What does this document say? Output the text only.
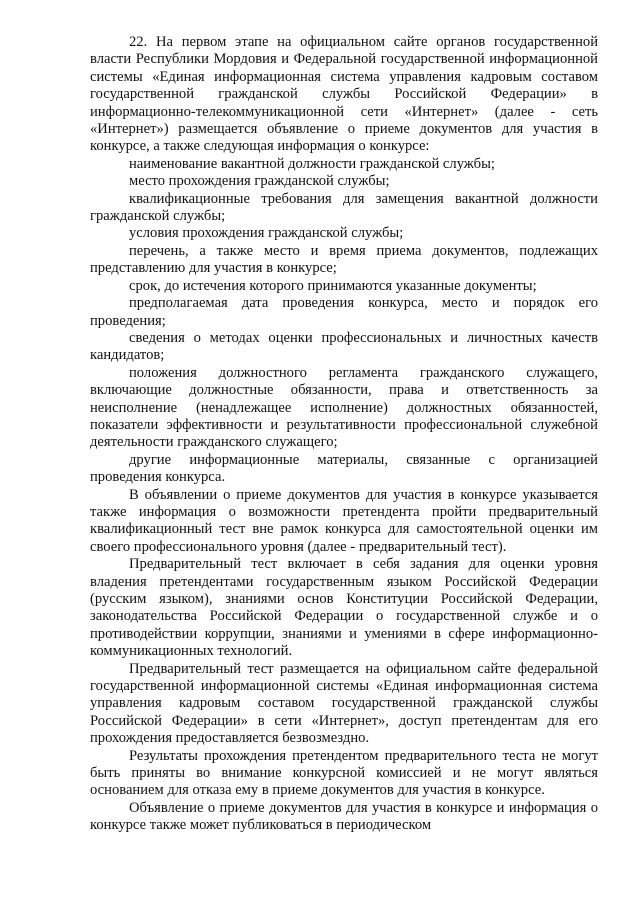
22. На первом этапе на официальном сайте органов государственной власти Республики Мордовия и Федеральной государственной информационной системы «Единая информационная система управления кадровым составом государственной гражданской службы Российской Федерации» в информационно-телекоммуникационной сети «Интернет» (далее - сеть «Интернет») размещается объявление о приеме документов для участия в конкурсе, а также следующая информация о конкурсе:

наименование вакантной должности гражданской службы;

место прохождения гражданской службы;

квалификационные требования для замещения вакантной должности гражданской службы;

условия прохождения гражданской службы;

перечень, а также место и время приема документов, подлежащих представлению для участия в конкурсе;

срок, до истечения которого принимаются указанные документы;

предполагаемая дата проведения конкурса, место и порядок его проведения;

сведения о методах оценки профессиональных и личностных качеств кандидатов;

положения должностного регламента гражданского служащего, включающие должностные обязанности, права и ответственность за неисполнение (ненадлежащее исполнение) должностных обязанностей, показатели эффективности и результативности профессиональной служебной деятельности гражданского служащего;

другие информационные материалы, связанные с организацией проведения конкурса.

В объявлении о приеме документов для участия в конкурсе указывается также информация о возможности претендента пройти предварительный квалификационный тест вне рамок конкурса для самостоятельной оценки им своего профессионального уровня (далее - предварительный тест).

Предварительный тест включает в себя задания для оценки уровня владения претендентами государственным языком Российской Федерации (русским языком), знаниями основ Конституции Российской Федерации, законодательства Российской Федерации о государственной службе и о противодействии коррупции, знаниями и умениями в сфере информационно-коммуникационных технологий.

Предварительный тест размещается на официальном сайте федеральной государственной информационной системы «Единая информационная система управления кадровым составом государственной гражданской службы Российской Федерации» в сети «Интернет», доступ претендентам для его прохождения предоставляется безвозмездно.

Результаты прохождения претендентом предварительного теста не могут быть приняты во внимание конкурсной комиссией и не могут являться основанием для отказа ему в приеме документов для участия в конкурсе.

Объявление о приеме документов для участия в конкурсе и информация о конкурсе также может публиковаться в периодическом
